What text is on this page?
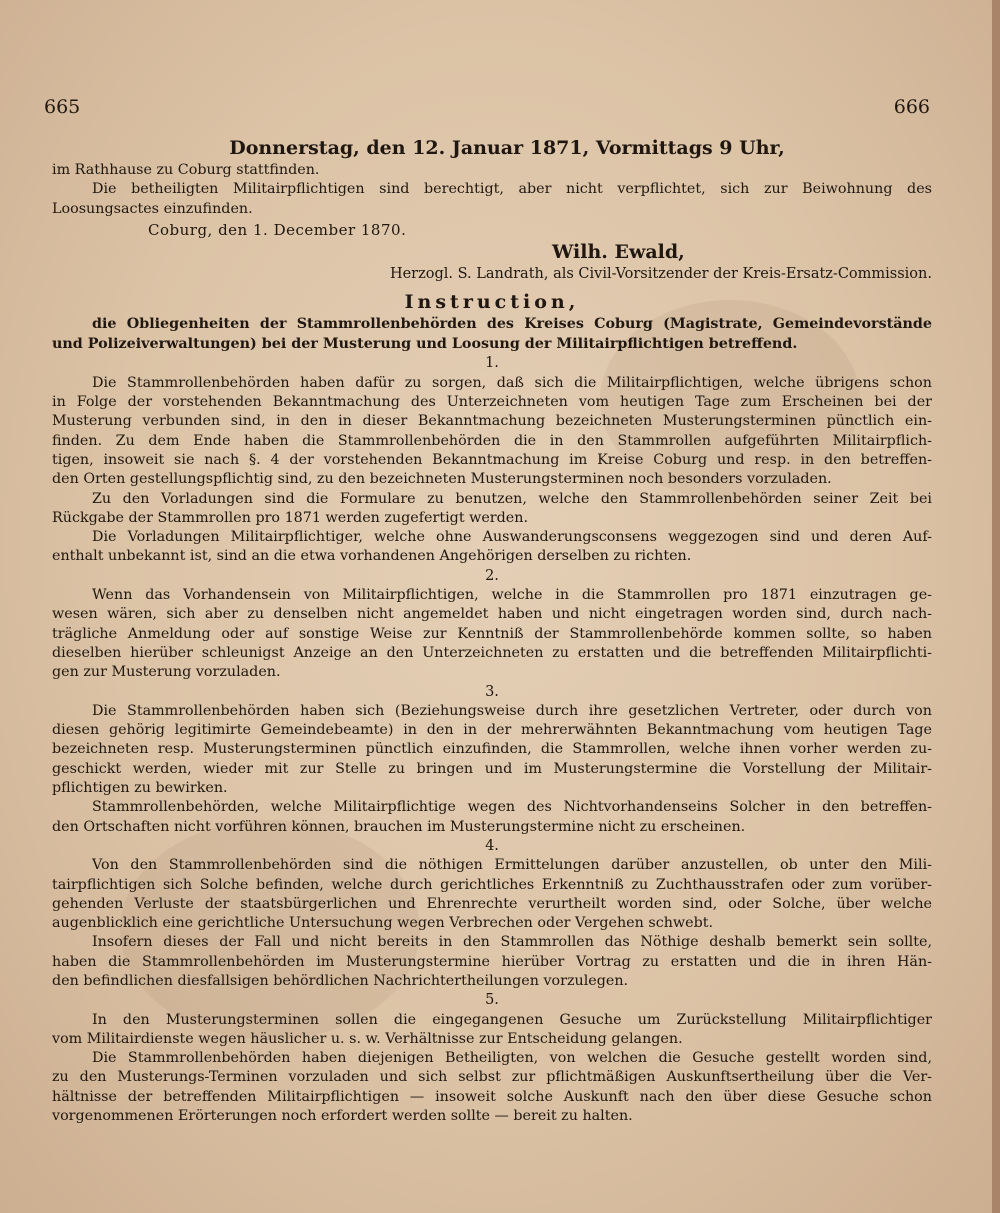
665	666
Donnerstag, den 12. Januar 1871, Vormittags 9 Uhr,
im Rathhause zu Coburg stattfinden.
Die betheiligten Militairpflichtigen sind berechtigt, aber nicht verpflichtet, sich zur Beiwohnung des
Loosungsactes einzufinden.
Coburg, den 1. December 1870.
Wilh. Ewald,
Herzogl. S. Landrath, als Civil-Vorsitzender der Kreis-Ersatz-Commission.
Instruction,
die Obliegenheiten der Stammrollenbehörden des Kreises Coburg (Magistrate, Gemeindevorstände
und Polizeiverwaltungen) bei der Musterung und Loosung der Militairpflichtigen betreffend.
1.
Die Stammrollenbehörden haben dafür zu sorgen, daß sich die Militairpflichtigen, welche übrigens schon
in Folge der vorstehenden Bekanntmachung des Unterzeichneten vom heutigen Tage zum Erscheinen bei der
Musterung verbunden sind, in den in dieser Bekanntmachung bezeichneten Musterungsterminen pünctlich ein-
finden. Zu dem Ende haben die Stammrollenbehörden die in den Stammrollen aufgeführten Militairpflich-
tigen, insoweit sie nach §. 4 der vorstehenden Bekanntmachung im Kreise Coburg und resp. in den betreffen-
den Orten gestellungspflichtig sind, zu den bezeichneten Musterungsterminen noch besonders vorzuladen.
Zu den Vorladungen sind die Formulare zu benutzen, welche den Stammrollenbehörden seiner Zeit bei
Rückgabe der Stammrollen pro 1871 werden zugefertigt werden.
Die Vorladungen Militairpflichtiger, welche ohne Auswanderungsconsens weggezogen sind und deren Auf-
enthalt unbekannt ist, sind an die etwa vorhandenen Angehörigen derselben zu richten.
2.
Wenn das Vorhandensein von Militairpflichtigen, welche in die Stammrollen pro 1871 einzutragen ge-
wesen wären, sich aber zu denselben nicht angemeldet haben und nicht eingetragen worden sind, durch nach-
trägliche Anmeldung oder auf sonstige Weise zur Kenntniß der Stammrollenbehörde kommen sollte, so haben
dieselben hierüber schleunigst Anzeige an den Unterzeichneten zu erstatten und die betreffenden Militairpflichti-
gen zur Musterung vorzuladen.
3.
Die Stammrollenbehörden haben sich (Beziehungsweise durch ihre gesetzlichen Vertreter, oder durch von
diesen gehörig legitimirte Gemeindebeamte) in den in der mehrerwähnten Bekanntmachung vom heutigen Tage
bezeichneten resp. Musterungsterminen pünctlich einzufinden, die Stammrollen, welche ihnen vorher werden zu-
geschickt werden, wieder mit zur Stelle zu bringen und im Musterungstermine die Vorstellung der Militair-
pflichtigen zu bewirken.
Stammrollenbehörden, welche Militairpflichtige wegen des Nichtvorhandenseins Solcher in den betreffen-
den Ortschaften nicht vorführen können, brauchen im Musterungstermine nicht zu erscheinen.
4.
Von den Stammrollenbehörden sind die nöthigen Ermittelungen darüber anzustellen, ob unter den Mili-
tairpflichtigen sich Solche befinden, welche durch gerichtliches Erkenntniß zu Zuchthausstrafen oder zum vorüber-
gehenden Verluste der staatsbürgerlichen und Ehrenrechte verurtheilt worden sind, oder Solche, über welche
augenblicklich eine gerichtliche Untersuchung wegen Verbrechen oder Vergehen schwebt.
Insofern dieses der Fall und nicht bereits in den Stammrollen das Nöthige deshalb bemerkt sein sollte,
haben die Stammrollenbehörden im Musterungstermine hierüber Vortrag zu erstatten und die in ihren Hän-
den befindlichen diesfallsigen behördlichen Nachrichtertheilungen vorzulegen.
5.
In den Musterungsterminen sollen die eingegangenen Gesuche um Zurückstellung Militairpflichtiger
vom Militairdienste wegen häuslicher u. s. w. Verhältnisse zur Entscheidung gelangen.
Die Stammrollenbehörden haben diejenigen Betheiligten, von welchen die Gesuche gestellt worden sind,
zu den Musterungs-Terminen vorzuladen und sich selbst zur pflichtmäßigen Auskunftsertheilung über die Ver-
hältnisse der betreffenden Militairpflichtigen — insoweit solche Auskunft nach den über diese Gesuche schon
vorgenommenen Erörterungen noch erfordert werden sollte — bereit zu halten.
